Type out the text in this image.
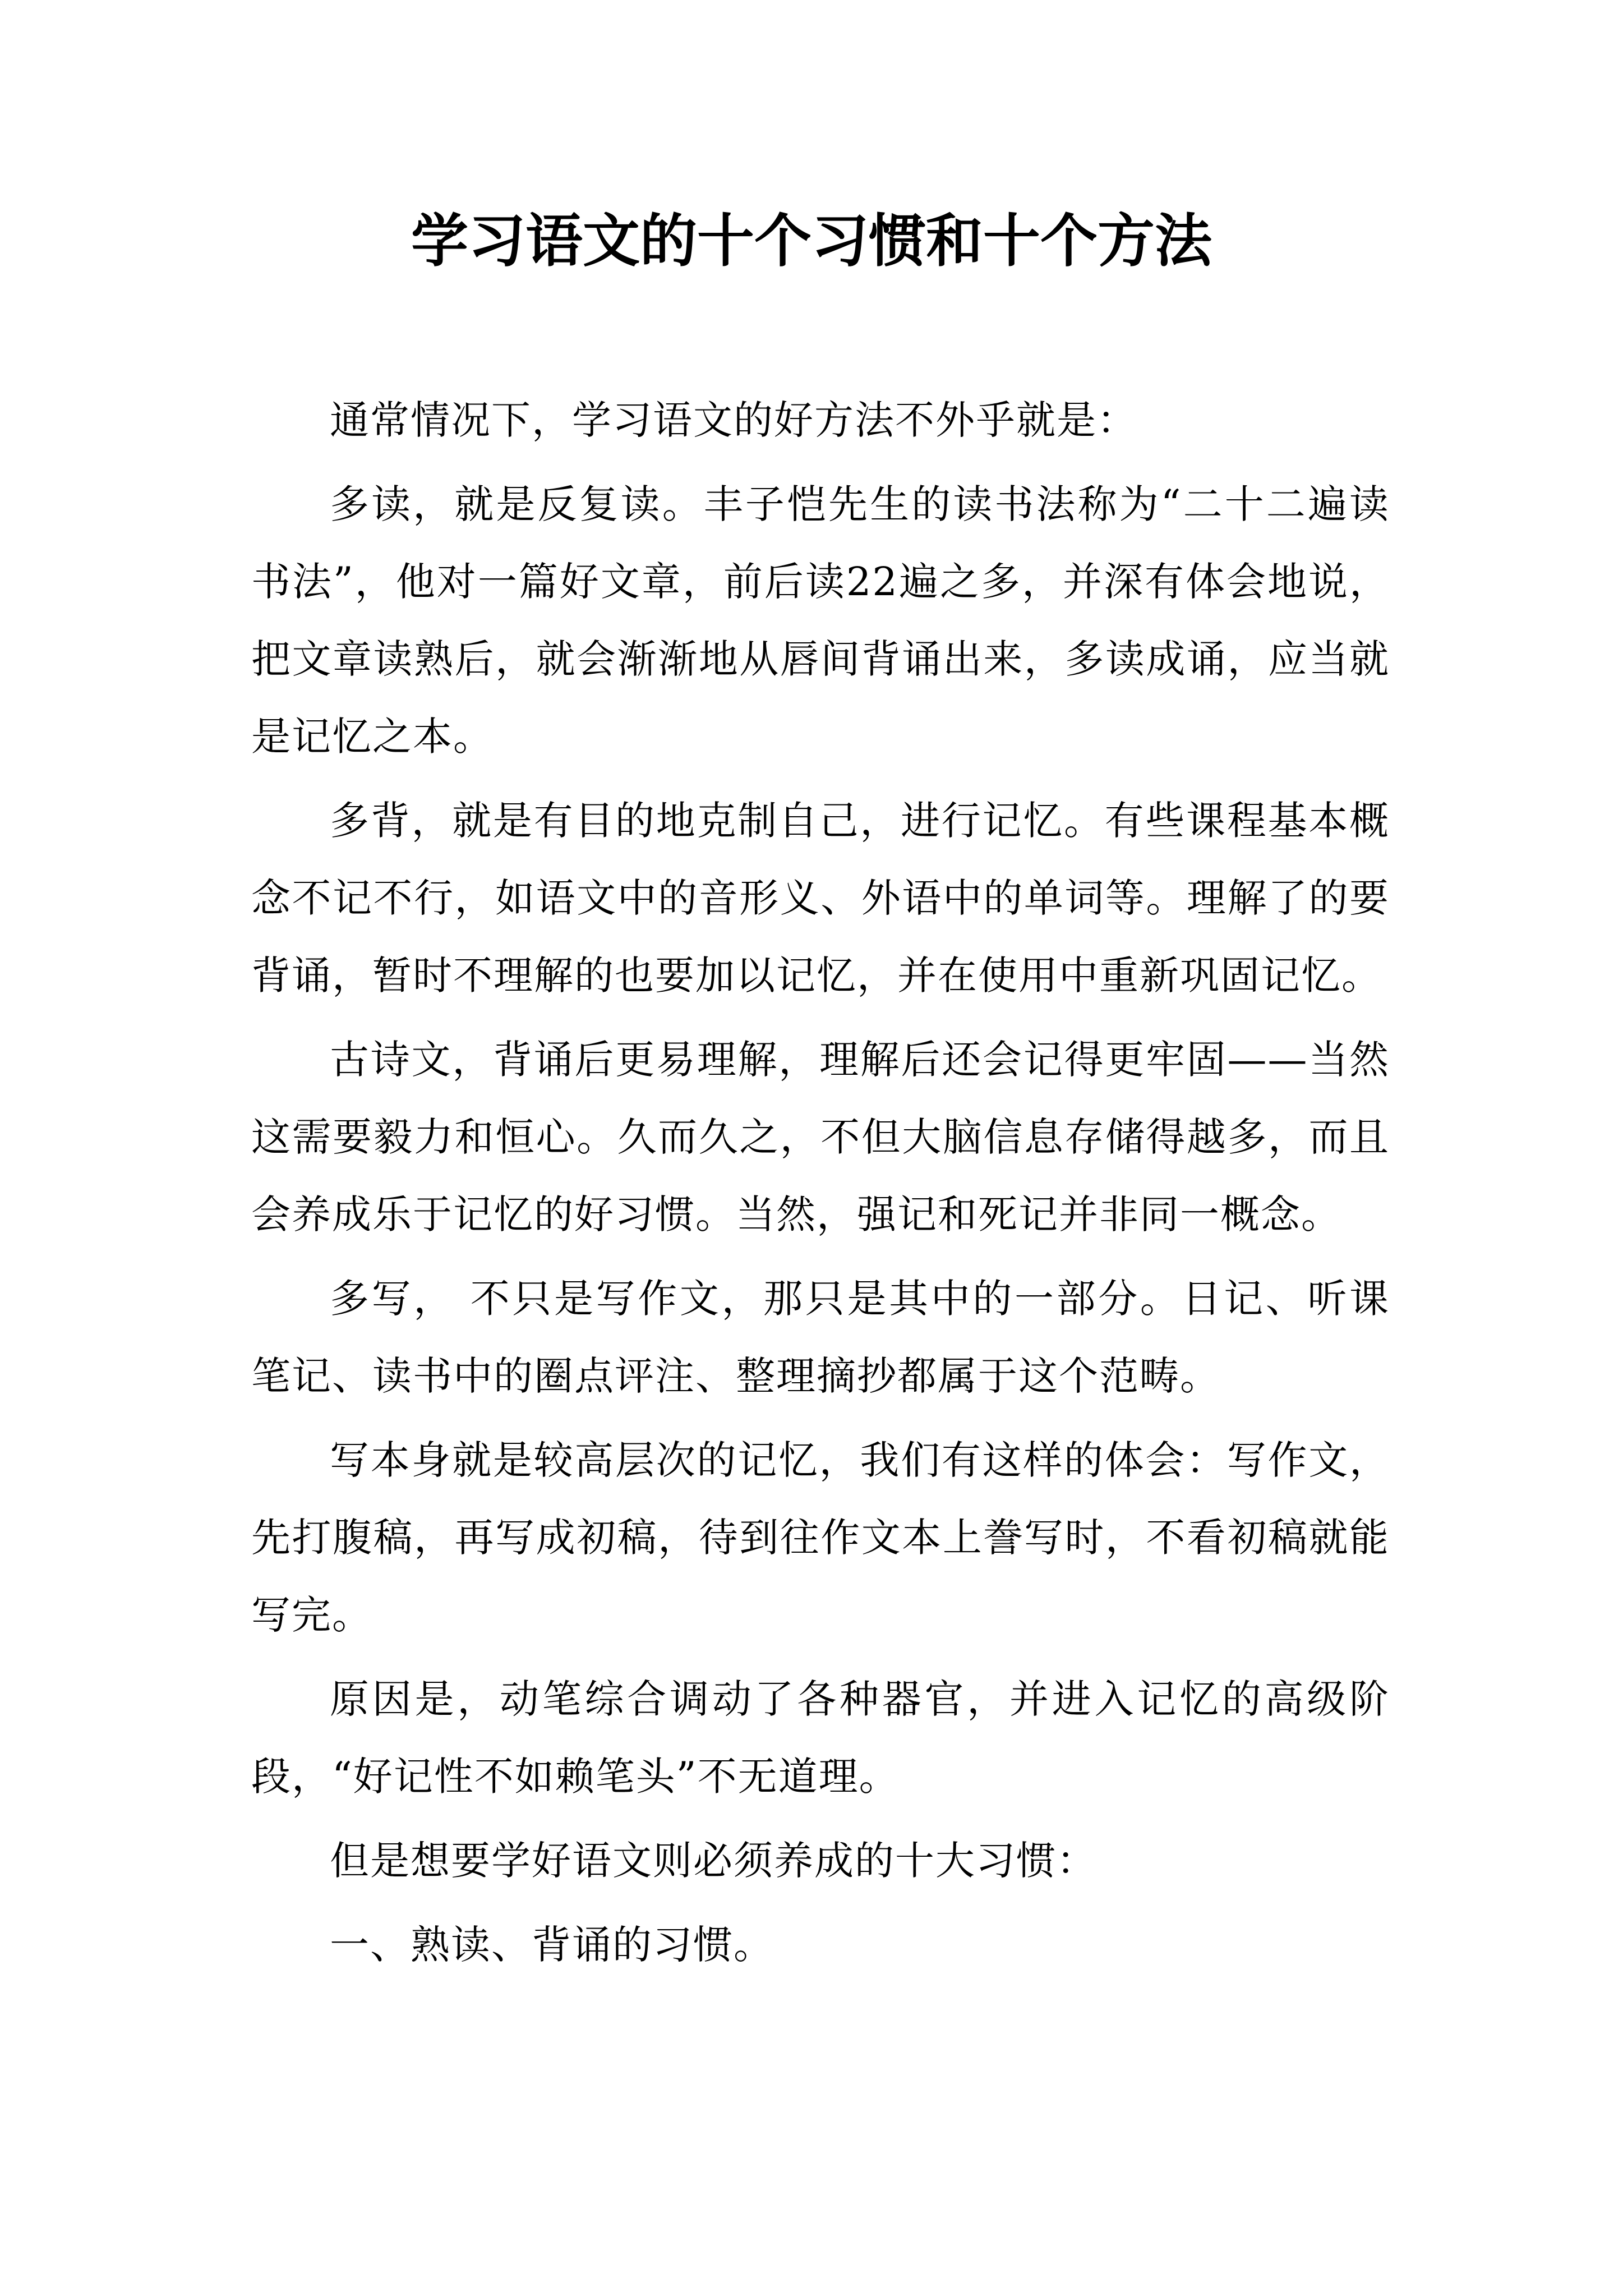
学习语文的十个习惯和十个方法

通常情况下，学习语文的好方法不外乎就是：

多读，就是反复读。丰子恺先生的读书法称为“二十二遍读书法”，他对一篇好文章，前后读22遍之多，并深有体会地说，把文章读熟后，就会渐渐地从唇间背诵出来，多读成诵，应当就是记忆之本。

多背，就是有目的地克制自己，进行记忆。有些课程基本概念不记不行，如语文中的音形义、外语中的单词等。理解了的要背诵，暂时不理解的也要加以记忆，并在使用中重新巩固记忆。

古诗文，背诵后更易理解，理解后还会记得更牢固——当然这需要毅力和恒心。久而久之，不但大脑信息存储得越多，而且会养成乐于记忆的好习惯。当然，强记和死记并非同一概念。

多写， 不只是写作文，那只是其中的一部分。日记、听课笔记、读书中的圈点评注、整理摘抄都属于这个范畴。

写本身就是较高层次的记忆，我们有这样的体会：写作文，先打腹稿，再写成初稿，待到往作文本上誊写时，不看初稿就能写完。

原因是，动笔综合调动了各种器官，并进入记忆的高级阶段，“好记性不如赖笔头”不无道理。

但是想要学好语文则必须养成的十大习惯：

一、熟读、背诵的习惯。
